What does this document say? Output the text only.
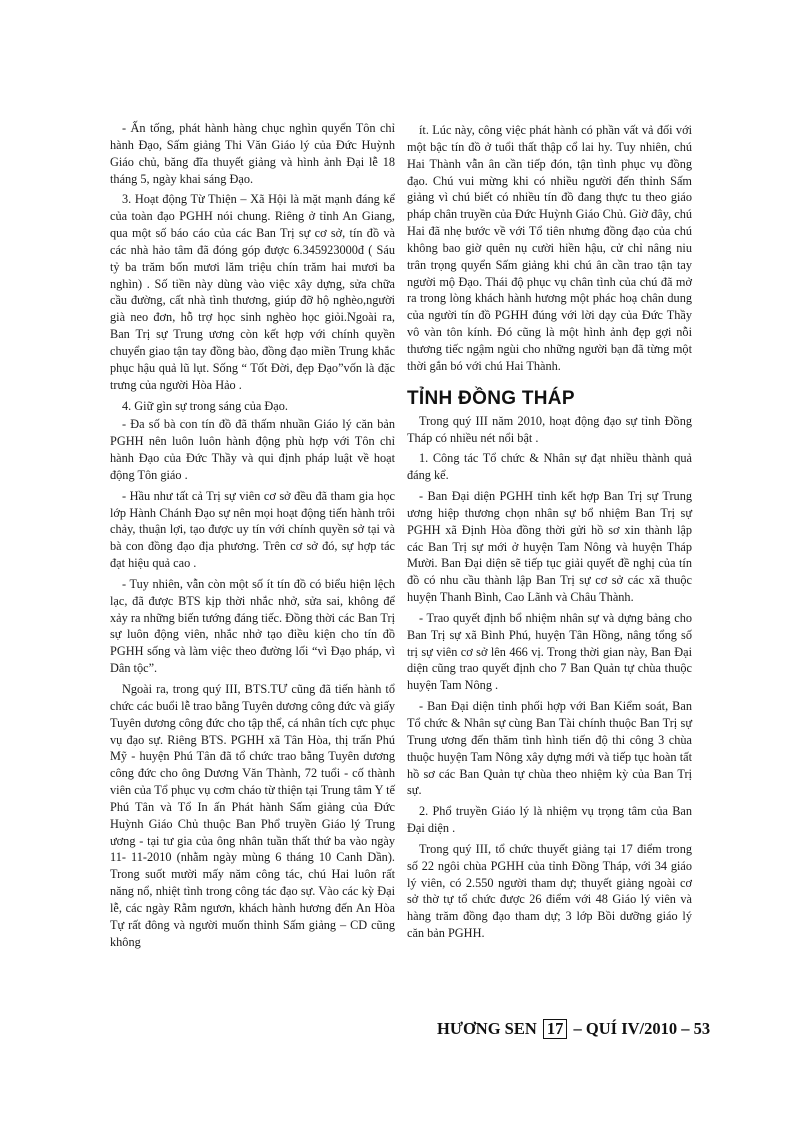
- Ấn tống, phát hành hàng chục nghìn quyển Tôn chỉ hành Đạo, Sấm giảng Thi Văn Giáo lý của Đức Huỳnh Giáo chủ, băng đĩa thuyết giảng và hình ảnh Đại lễ 18 tháng 5, ngày khai sáng Đạo.

3. Hoạt động Từ Thiện – Xã Hội là mặt mạnh đáng kể của toàn đạo PGHH nói chung. Riêng ở tỉnh An Giang, qua một số báo cáo của các Ban Trị sự cơ sở, tín đồ và các nhà hảo tâm đã đóng góp được 6.345923000đ ( Sáu tỷ ba trăm bốn mươi lăm triệu chín trăm hai mươi ba nghìn) . Số tiền này dùng vào việc xây dựng, sửa chữa cầu đường, cất nhà tình thương, giúp đỡ hộ nghèo,người già neo đơn, hỗ trợ học sinh nghèo học giỏi.Ngoài ra, Ban Trị sự Trung ương còn kết hợp với chính quyền chuyển giao tận tay đồng bào, đồng đạo miền Trung khắc phục hậu quả lũ lụt. Sống “ Tốt Đời, đẹp Đạo”vốn là đặc trưng của người Hòa Hảo .

4. Giữ gìn sự trong sáng của Đạo.

- Đa số bà con tín đồ đã thấm nhuần Giáo lý căn bản PGHH nên luôn luôn hành động phù hợp với Tôn chỉ hành Đạo của Đức Thầy và qui định pháp luật về hoạt động Tôn giáo .

- Hầu như tất cả Trị sự viên cơ sở đều đã tham gia học lớp Hành Chánh Đạo sự nên mọi hoạt động tiến hành trôi chảy, thuận lợi, tạo được uy tín với chính quyền sở tại và bà con đồng đạo địa phương. Trên cơ sở đó, sự hợp tác đạt hiệu quả cao .

- Tuy nhiên, vẫn còn một số ít tín đồ có biểu hiện lệch lạc, đã được BTS kịp thời nhắc nhở, sửa sai, không để xảy ra những biến tướng đáng tiếc. Đồng thời các Ban Trị sự luôn động viên, nhắc nhở tạo điều kiện cho tín đồ PGHH sống và làm việc theo đường lối “vì Đạo pháp, vì Dân tộc”.

Ngoài ra, trong quý III, BTS.TƯ cũng đã tiến hành tổ chức các buổi lễ trao bằng Tuyên dương công đức và giấy Tuyên dương công đức cho tập thể, cá nhân tích cực phục vụ đạo sự. Riêng BTS. PGHH xã Tân Hòa, thị trấn Phú Mỹ - huyện Phú Tân đã tổ chức trao bằng Tuyên dương công đức cho ông Dương Văn Thành, 72 tuổi - cố thành viên của Tổ phục vụ cơm cháo từ thiện tại Trung tâm Y tế Phú Tân và Tổ In ấn Phát hành Sấm giảng của Đức Huỳnh Giáo Chủ thuộc Ban Phổ truyền Giáo lý Trung ương - tại tư gia của ông nhân tuần thất thứ ba vào ngày 11- 11-2010 (nhằm ngày mùng 6 tháng 10 Canh Dần). Trong suốt mười mấy năm công tác, chú Hai luôn rất năng nổ, nhiệt tình trong công tác đạo sự. Vào các kỳ Đại lễ, các ngày Rằm ngươn, khách hành hương đến An Hòa Tự rất đông và người muốn thỉnh Sấm giảng – CD cũng không

ít. Lúc này, công việc phát hành có phần vất vả đối với một bậc tín đồ ở tuổi thất thập cổ lai hy. Tuy nhiên, chú Hai Thành vẫn ân cần tiếp đón, tận tình phục vụ đồng đạo. Chú vui mừng khi có nhiều người đến thỉnh Sấm giảng vì chú biết có nhiều tín đồ đang thực tu theo giáo pháp chân truyền của Đức Huỳnh Giáo Chủ. Giờ đây, chú Hai đã nhẹ bước về với Tổ tiên nhưng đồng đạo của chú không bao giờ quên nụ cười hiền hậu, cử chỉ nâng niu trân trọng quyển Sấm giảng khi chú ân cần trao tận tay người mộ Đạo. Thái độ phục vụ chân tình của chú đã mở ra trong lòng khách hành hương một phác hoạ chân dung của người tín đồ PGHH đúng với lời dạy của Đức Thầy vô vàn tôn kính. Đó cũng là một hình ảnh đẹp gợi nỗi thương tiếc ngậm ngùi cho những người bạn đã từng một thời gắn bó với chú Hai Thành.

TỈNH ĐỒNG THÁP

Trong quý III năm 2010, hoạt động đạo sự tỉnh Đồng Tháp có nhiều nét nổi bật .

1. Công tác Tổ chức & Nhân sự đạt nhiều thành quả đáng kể.

- Ban Đại diện PGHH tỉnh kết hợp Ban Trị sự Trung ương hiệp thương chọn nhân sự bổ nhiệm Ban Trị sự PGHH xã Định Hòa đồng thời gửi hồ sơ xin thành lập các Ban Trị sự mới ở huyện Tam Nông và huyện Tháp Mười. Ban Đại diện sẽ tiếp tục giải quyết đề nghị của tín đồ có nhu cầu thành lập Ban Trị sự cơ sở các xã thuộc huyện Thanh Bình, Cao Lãnh và Châu Thành.

- Trao quyết định bổ nhiệm nhân sự và dựng bảng cho Ban Trị sự xã Bình Phú, huyện Tân Hồng, nâng tổng số trị sự viên cơ sở lên 466 vị. Trong thời gian này, Ban Đại diện cũng trao quyết định cho 7 Ban Quản tự chùa thuộc huyện Tam Nông .

- Ban Đại diện tỉnh phối hợp với Ban Kiểm soát, Ban Tổ chức & Nhân sự cùng Ban Tài chính thuộc Ban Trị sự Trung ương đến thăm tình hình tiến độ thi công 3 chùa thuộc huyện Tam Nông xây dựng mới và tiếp tục hoàn tất hồ sơ các Ban Quản tự chùa theo nhiệm kỳ của Ban Trị sự.

2. Phổ truyền Giáo lý là nhiệm vụ trọng tâm của Ban Đại diện .

Trong quý III, tổ chức thuyết giảng tại 17 điểm trong số 22 ngôi chùa PGHH của tỉnh Đồng Tháp, với 34 giáo lý viên, có 2.550 người tham dự; thuyết giảng ngoài cơ sở thờ tự tổ chức được 26 điểm với 48 Giáo lý viên và hàng trăm đồng đạo tham dự; 3 lớp Bồi dưỡng giáo lý căn bản PGHH.

HƯƠNG SEN 17 – QUÍ IV/2010 – 53
